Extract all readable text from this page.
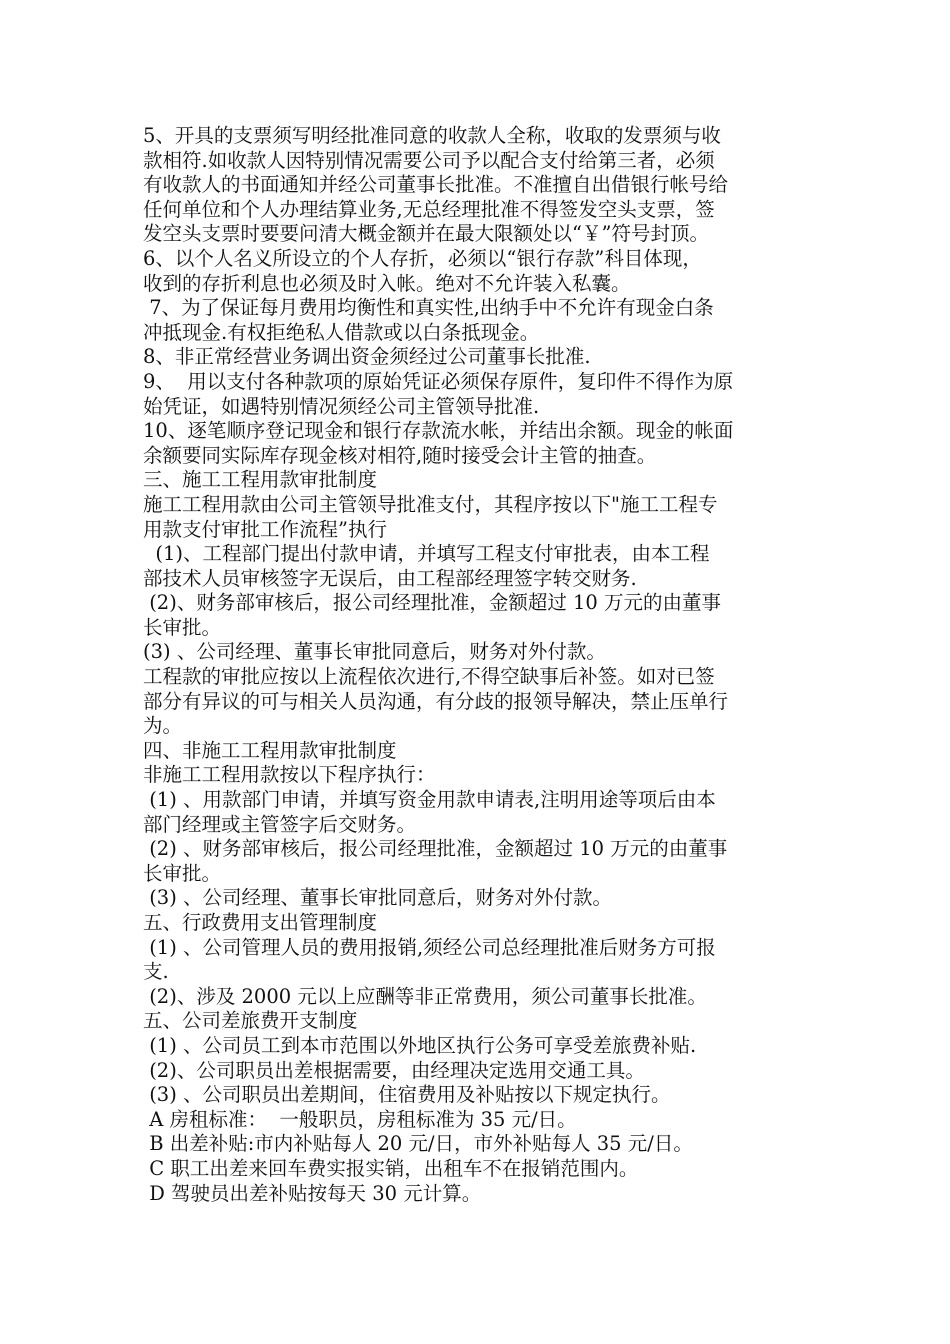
5、开具的支票须写明经批准同意的收款人全称，收取的发票须与收
款相符.如收款人因特别情况需要公司予以配合支付给第三者，必须
有收款人的书面通知并经公司董事长批准。不准擅自出借银行帐号给
任何单位和个人办理结算业务,无总经理批准不得签发空头支票，签
发空头支票时要要问清大概金额并在最大限额处以“￥”符号封顶。
6、以个人名义所设立的个人存折，必须以“银行存款”科目体现，
收到的存折利息也必须及时入帐。绝对不允许装入私囊。
7、为了保证每月费用均衡性和真实性,出纳手中不允许有现金白条
冲抵现金.有权拒绝私人借款或以白条抵现金。
8、非正常经营业务调出资金须经过公司董事长批准.
9、  用以支付各种款项的原始凭证必须保存原件，复印件不得作为原
始凭证，如遇特别情况须经公司主管领导批准.
10、逐笔顺序登记现金和银行存款流水帐，并结出余额。现金的帐面
余额要同实际库存现金核对相符,随时接受会计主管的抽查。
三、施工工程用款审批制度
施工工程用款由公司主管领导批准支付，其程序按以下"施工工程专
用款支付审批工作流程”执行
(1)、工程部门提出付款申请，并填写工程支付审批表，由本工程
部技术人员审核签字无误后，由工程部经理签字转交财务.
(2)、财务部审核后，报公司经理批准，金额超过 10 万元的由董事
长审批。
(3) 、公司经理、董事长审批同意后，财务对外付款。
工程款的审批应按以上流程依次进行,不得空缺事后补签。如对已签
部分有异议的可与相关人员沟通，有分歧的报领导解决，禁止压单行
为。
四、非施工工程用款审批制度
非施工工程用款按以下程序执行：
(1) 、用款部门申请，并填写资金用款申请表,注明用途等项后由本
部门经理或主管签字后交财务。
(2) 、财务部审核后，报公司经理批准，金额超过 10 万元的由董事
长审批。
(3) 、公司经理、董事长审批同意后，财务对外付款。
五、行政费用支出管理制度
(1) 、公司管理人员的费用报销,须经公司总经理批准后财务方可报
支.
(2)、涉及 2000 元以上应酬等非正常费用，须公司董事长批准。
五、公司差旅费开支制度
(1) 、公司员工到本市范围以外地区执行公务可享受差旅费补贴.
(2)、公司职员出差根据需要，由经理决定选用交通工具。
(3) 、公司职员出差期间，住宿费用及补贴按以下规定执行。
A 房租标准：  一般职员，房租标准为 35 元/日。
B 出差补贴:市内补贴每人 20 元/日，市外补贴每人 35 元/日。
C 职工出差来回车费实报实销，出租车不在报销范围内。
D 驾驶员出差补贴按每天 30 元计算。
